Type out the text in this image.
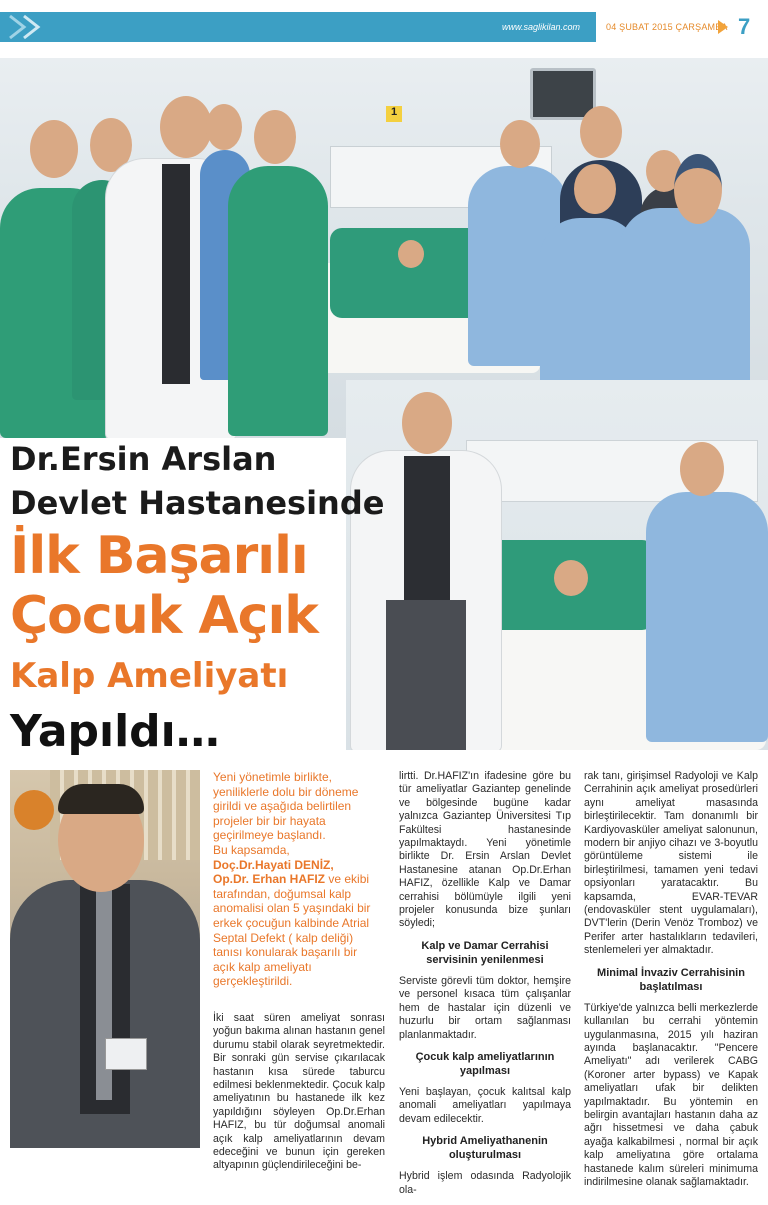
www.saglikilan.com	04 ŞUBAT 2015 ÇARŞAMBA 7
1
Dr.Ersin Arslan
Devlet Hastanesinde
İlk Başarılı
Çocuk Açık
Kalp Ameliyatı
Yapıldı…
Yeni yönetimle birlikte, yeniliklerle dolu bir döneme girildi ve aşağıda belirtilen projeler bir bir hayata geçirilmeye başlandı.
Bu kapsamda,
Doç.Dr.Hayati DENİZ,
Op.Dr. Erhan HAFIZ ve ekibi tarafından, doğumsal kalp anomalisi olan 5 yaşındaki bir erkek çocuğun kalbinde Atrial Septal Defekt ( kalp deliği) tanısı konularak başarılı bir açık kalp ameliyatı gerçekleştirildi.

İki saat süren ameliyat sonrası yoğun bakıma alınan hastanın genel durumu stabil olarak seyretmektedir. Bir sonraki gün servise çıkarılacak hastanın kısa sürede taburcu edilmesi beklenmektedir. Çocuk kalp ameliyatının bu hastanede ilk kez yapıldığını söyleyen Op.Dr.Erhan HAFIZ, bu tür doğumsal anomali açık kalp ameliyatlarının devam edeceğini ve bunun için gereken altyapının güçlendirileceğini be-

lirtti. Dr.HAFIZ'ın ifadesine göre bu tür ameliyatlar Gaziantep genelinde ve bölgesinde bugüne kadar yalnızca Gaziantep Üniversitesi Tıp Fakültesi hastanesinde yapılmaktaydı. Yeni yönetimle birlikte Dr. Ersin Arslan Devlet Hastanesine atanan Op.Dr.Erhan HAFIZ, özellikle Kalp ve Damar cerrahisi bölümüyle ilgili yeni projeler konusunda bize şunları söyledi;

Kalp ve Damar Cerrahisi servisinin yenilenmesi

Serviste görevli tüm doktor, hemşire ve personel kısaca tüm çalışanlar hem de hastalar için düzenli ve huzurlu bir ortam sağlanması planlanmaktadır.

Çocuk kalp ameliyatlarının yapılması

Yeni başlayan, çocuk kalıtsal kalp anomali ameliyatları yapılmaya devam edilecektir.

Hybrid Ameliyathanenin oluşturulması

Hybrid işlem odasında Radyolojik ola-

rak tanı, girişimsel Radyoloji ve Kalp Cerrahinin açık ameliyat prosedürleri aynı ameliyat masasında birleştirilecektir. Tam donanımlı bir Kardiyovasküler ameliyat salonunun, modern bir anjiyo cihazı ve 3-boyutlu görüntüleme sistemi ile birleştirilmesi, tamamen yeni tedavi opsiyonları yaratacaktır. Bu kapsamda, EVAR-TEVAR (endovasküler stent uygulamaları), DVT'lerin (Derin Venöz Tromboz) ve Perifer arter hastalıkların tedavileri, stenlemeleri yer almaktadır.

Minimal İnvaziv Cerrahisinin başlatılması

Türkiye'de yalnızca belli merkezlerde kullanılan bu cerrahi yöntemin uygulanmasına, 2015 yılı haziran ayında başlanacaktır. "Pencere Ameliyatı" adı verilerek CABG (Koroner arter bypass) ve Kapak ameliyatları ufak bir delikten yapılmaktadır. Bu yöntemin en belirgin avantajları hastanın daha az ağrı hissetmesi ve daha çabuk ayağa kalkabilmesi , normal bir açık kalp ameliyatına göre ortalama hastanede kalım süreleri minimuma indirilmesine olanak sağlamaktadır.
